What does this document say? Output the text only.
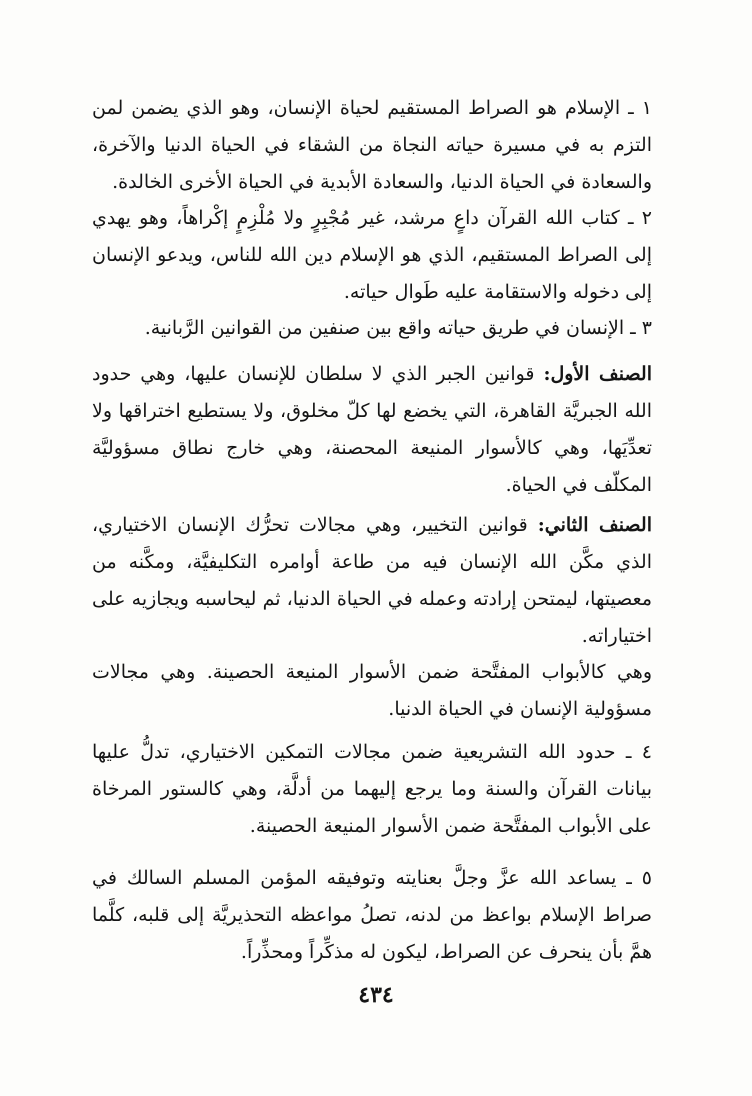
١ ـ الإسلام هو الصراط المستقيم لحياة الإنسان، وهو الذي يضمن لمن التزم به في مسيرة حياته النجاة من الشقاء في الحياة الدنيا والآخرة، والسعادة في الحياة الدنيا، والسعادة الأبدية في الحياة الأخرى الخالدة.

٢ ـ كتاب الله القرآن داعٍ مرشد، غير مُجْبِرٍ ولا مُلْزِمٍ إكْراهاً، وهو يهدي إلى الصراط المستقيم، الذي هو الإسلام دين الله للناس، ويدعو الإنسان إلى دخوله والاستقامة عليه طَوال حياته.

٣ ـ الإنسان في طريق حياته واقع بين صنفين من القوانين الرَّبانية.

الصنف الأول: قوانين الجبر الذي لا سلطان للإنسان عليها، وهي حدود الله الجبريَّة القاهرة، التي يخضع لها كلّ مخلوق، ولا يستطيع اختراقها ولا تعدِّيَها، وهي كالأسوار المنيعة المحصنة، وهي خارج نطاق مسؤوليَّة المكلّف في الحياة.

الصنف الثاني: قوانين التخيير، وهي مجالات تحرُّك الإنسان الاختياري، الذي مكَّن الله الإنسان فيه من طاعة أوامره التكليفيَّة، ومكَّنه من معصيتها، ليمتحن إرادته وعمله في الحياة الدنيا، ثم ليحاسبه ويجازيه على اختياراته.

وهي كالأبواب المفتَّحة ضمن الأسوار المنيعة الحصينة. وهي مجالات مسؤولية الإنسان في الحياة الدنيا.

٤ ـ حدود الله التشريعية ضمن مجالات التمكين الاختياري، تدلُّ عليها بيانات القرآن والسنة وما يرجع إليهما من أدلَّة، وهي كالستور المرخاة على الأبواب المفتَّحة ضمن الأسوار المنيعة الحصينة.

٥ ـ يساعد الله عزَّ وجلَّ بعنايته وتوفيقه المؤمن المسلم السالك في صراط الإسلام بواعظ من لدنه، تصلُ مواعظه التحذيريَّة إلى قلبه، كلَّما همَّ بأن ينحرف عن الصراط، ليكون له مذكِّراً ومحذِّراً.

٤٣٤
